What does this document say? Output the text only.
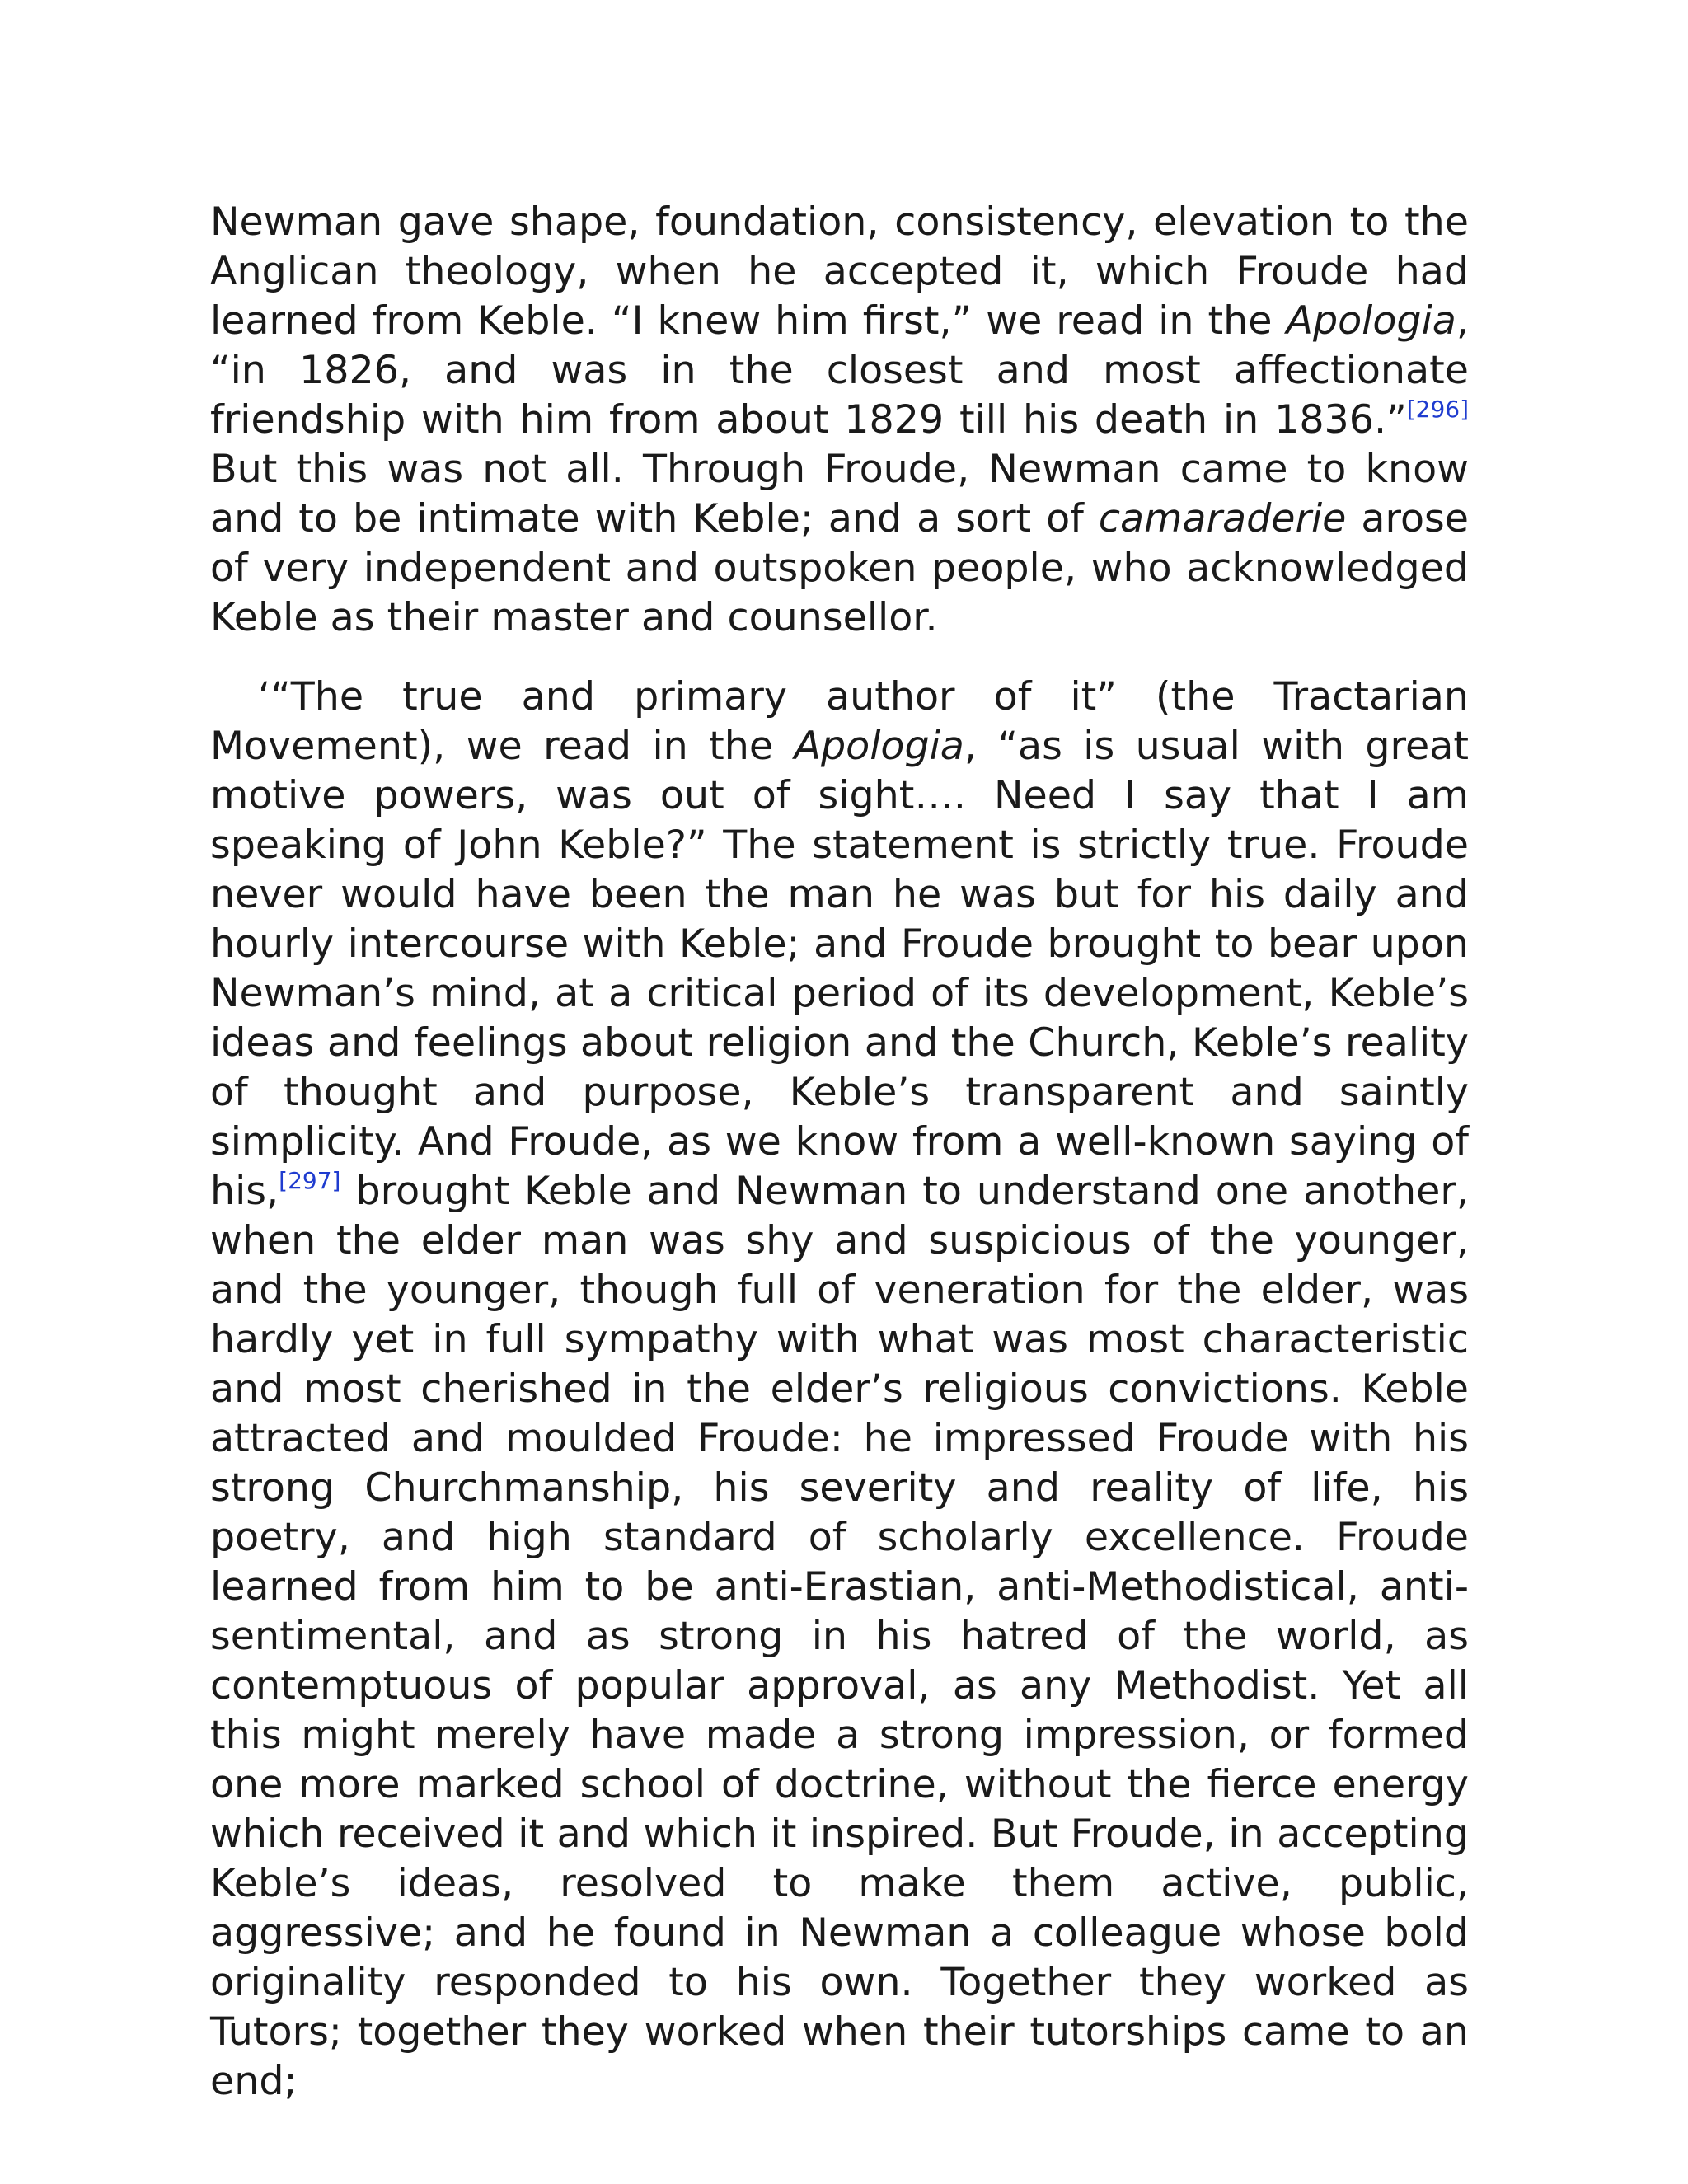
Newman gave shape, foundation, consistency, elevation to the Anglican theology, when he accepted it, which Froude had learned from Keble. “I knew him first,” we read in the Apologia, “in 1826, and was in the closest and most affectionate friendship with him from about 1829 till his death in 1836.”[296] But this was not all. Through Froude, Newman came to know and to be intimate with Keble; and a sort of camaraderie arose of very independent and outspoken people, who acknowledged Keble as their master and counsellor.

‘“The true and primary author of it” (the Tractarian Movement), we read in the Apologia, “as is usual with great motive powers, was out of sight…. Need I say that I am speaking of John Keble?” The statement is strictly true. Froude never would have been the man he was but for his daily and hourly intercourse with Keble; and Froude brought to bear upon Newman’s mind, at a critical period of its development, Keble’s ideas and feelings about religion and the Church, Keble’s reality of thought and purpose, Keble’s transparent and saintly simplicity. And Froude, as we know from a well-known saying of his,[297] brought Keble and Newman to understand one another, when the elder man was shy and suspicious of the younger, and the younger, though full of veneration for the elder, was hardly yet in full sympathy with what was most characteristic and most cherished in the elder’s religious convictions. Keble attracted and moulded Froude: he impressed Froude with his strong Churchmanship, his severity and reality of life, his poetry, and high standard of scholarly excellence. Froude learned from him to be anti-Erastian, anti-Methodistical, anti-sentimental, and as strong in his hatred of the world, as contemptuous of popular approval, as any Methodist. Yet all this might merely have made a strong impression, or formed one more marked school of doctrine, without the fierce energy which received it and which it inspired. But Froude, in accepting Keble’s ideas, resolved to make them active, public, aggressive; and he found in Newman a colleague whose bold originality responded to his own. Together they worked as Tutors; together they worked when their tutorships came to an end;
